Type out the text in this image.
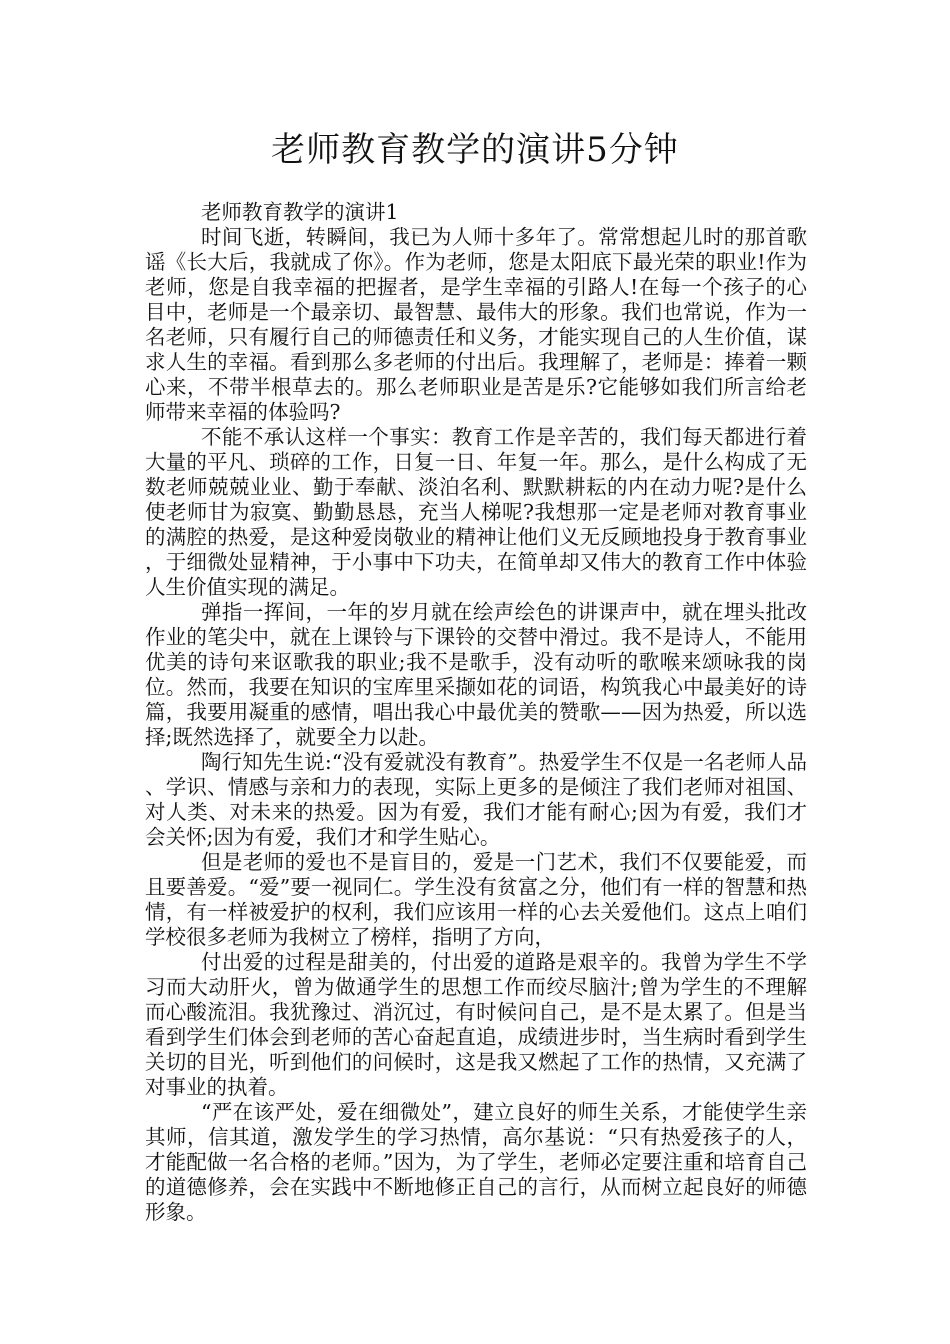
老师教育教学的演讲5分钟
老师教育教学的演讲1

时间飞逝，转瞬间，我已为人师十多年了。常常想起儿时的那首歌谣《长大后，我就成了你》。作为老师，您是太阳底下最光荣的职业!作为老师，您是自我幸福的把握者，是学生幸福的引路人!在每一个孩子的心目中，老师是一个最亲切、最智慧、最伟大的形象。我们也常说，作为一名老师，只有履行自己的师德责任和义务，才能实现自己的人生价值，谋求人生的幸福。看到那么多老师的付出后。我理解了，老师是：捧着一颗心来，不带半根草去的。那么老师职业是苦是乐?它能够如我们所言给老师带来幸福的体验吗?

不能不承认这样一个事实：教育工作是辛苦的，我们每天都进行着大量的平凡、琐碎的工作，日复一日、年复一年。那么，是什么构成了无数老师兢兢业业、勤于奉献、淡泊名利、默默耕耘的内在动力呢?是什么使老师甘为寂寞、勤勤恳恳，充当人梯呢?我想那一定是老师对教育事业的满腔的热爱，是这种爱岗敬业的精神让他们义无反顾地投身于教育事业，于细微处显精神，于小事中下功夫，在简单却又伟大的教育工作中体验人生价值实现的满足。

弹指一挥间，一年的岁月就在绘声绘色的讲课声中，就在埋头批改作业的笔尖中，就在上课铃与下课铃的交替中滑过。我不是诗人，不能用优美的诗句来讴歌我的职业;我不是歌手，没有动听的歌喉来颂咏我的岗位。然而，我要在知识的宝库里采撷如花的词语，构筑我心中最美好的诗篇，我要用凝重的感情，唱出我心中最优美的赞歌——因为热爱，所以选择;既然选择了，就要全力以赴。

陶行知先生说:“没有爱就没有教育”。热爱学生不仅是一名老师人品、学识、情感与亲和力的表现，实际上更多的是倾注了我们老师对祖国、对人类、对未来的热爱。因为有爱，我们才能有耐心;因为有爱，我们才会关怀;因为有爱，我们才和学生贴心。

但是老师的爱也不是盲目的，爱是一门艺术，我们不仅要能爱，而且要善爱。“爱”要一视同仁。学生没有贫富之分，他们有一样的智慧和热情，有一样被爱护的权利，我们应该用一样的心去关爱他们。这点上咱们学校很多老师为我树立了榜样，指明了方向，

付出爱的过程是甜美的，付出爱的道路是艰辛的。我曾为学生不学习而大动肝火，曾为做通学生的思想工作而绞尽脑汁;曾为学生的不理解而心酸流泪。我犹豫过、消沉过，有时候问自己，是不是太累了。但是当看到学生们体会到老师的苦心奋起直追，成绩进步时，当生病时看到学生关切的目光，听到他们的问候时，这是我又燃起了工作的热情，又充满了对事业的执着。

“严在该严处，爱在细微处”，建立良好的师生关系，才能使学生亲其师，信其道，激发学生的学习热情，高尔基说：“只有热爱孩子的人，才能配做一名合格的老师。”因为，为了学生，老师必定要注重和培育自己的道德修养，会在实践中不断地修正自己的言行，从而树立起良好的师德形象。
